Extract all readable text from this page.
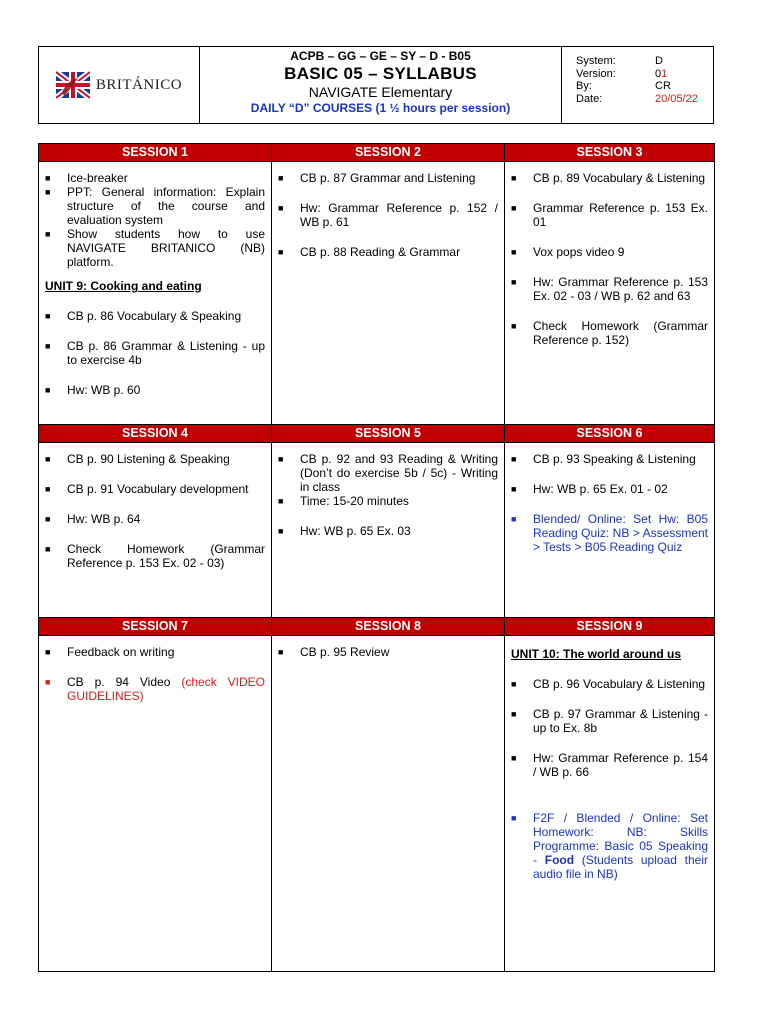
BRITÁNICO
ACPB – GG – GE – SY – D - B05
BASIC 05 – SYLLABUS
NAVIGATE Elementary
DAILY “D” COURSES (1 ½ hours per session)
System:	D
Version:	01
By:	CR
Date:	20/05/22
SESSION 1
■	Ice-breaker
■	PPT: General information: Explain structure of the course and evaluation system
■	Show students how to use NAVIGATE BRITANICO (NB) platform.
UNIT 9: Cooking and eating
■	CB p. 86 Vocabulary & Speaking
■	CB p. 86 Grammar & Listening - up to exercise 4b
■	Hw: WB p. 60
SESSION 2
■	CB p. 87 Grammar and Listening
■	Hw: Grammar Reference p. 152 / WB p. 61
■	CB p. 88 Reading & Grammar
SESSION 3
■	CB p. 89 Vocabulary & Listening
■	Grammar Reference p. 153 Ex. 01
■	Vox pops video 9
■	Hw: Grammar Reference p. 153 Ex. 02 - 03 / WB p. 62 and 63
■	Check Homework (Grammar Reference p. 152)
SESSION 4
■	CB p. 90 Listening & Speaking
■	CB p. 91 Vocabulary development
■	Hw: WB p. 64
■	Check Homework (Grammar Reference p. 153 Ex. 02 - 03)
SESSION 5
■	CB p. 92 and 93 Reading & Writing (Don’t do exercise 5b / 5c) - Writing in class
■	Time: 15-20 minutes
■	Hw: WB p. 65 Ex. 03
SESSION 6
■	CB p. 93 Speaking & Listening
■	Hw: WB p. 65 Ex. 01 - 02
■	Blended/ Online: Set Hw: B05 Reading Quiz: NB > Assessment > Tests > B05 Reading Quiz
SESSION 7
■	Feedback on writing
■	CB p. 94 Video (check VIDEO GUIDELINES)
SESSION 8
■	CB p. 95 Review
SESSION 9
UNIT 10: The world around us
■	CB p. 96 Vocabulary & Listening
■	CB p. 97 Grammar & Listening - up to Ex. 8b
■	Hw: Grammar Reference p. 154 / WB p. 66
■	F2F / Blended / Online: Set Homework: NB: Skills Programme: Basic 05 Speaking - Food (Students upload their audio file in NB)
